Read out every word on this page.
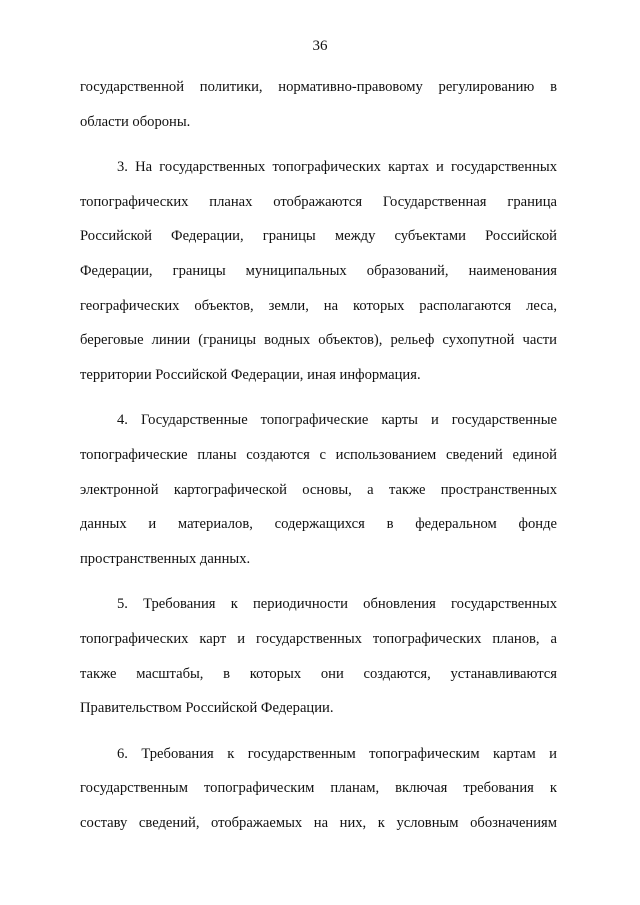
36
государственной политики, нормативно-правовому регулированию в
области обороны.
3. На государственных топографических картах и государственных
топографических планах отображаются Государственная граница
Российской Федерации, границы между субъектами Российской
Федерации, границы муниципальных образований, наименования
географических объектов, земли, на которых располагаются леса,
береговые линии (границы водных объектов), рельеф сухопутной части
территории Российской Федерации, иная информация.
4. Государственные топографические карты и государственные
топографические планы создаются с использованием сведений единой
электронной картографической основы, а также пространственных
данных и материалов, содержащихся в федеральном фонде
пространственных данных.
5. Требования к периодичности обновления государственных
топографических карт и государственных топографических планов, а
также масштабы, в которых они создаются, устанавливаются
Правительством Российской Федерации.
6. Требования к государственным топографическим картам и
государственным топографическим планам, включая требования к
составу сведений, отображаемых на них, к условным обозначениям
